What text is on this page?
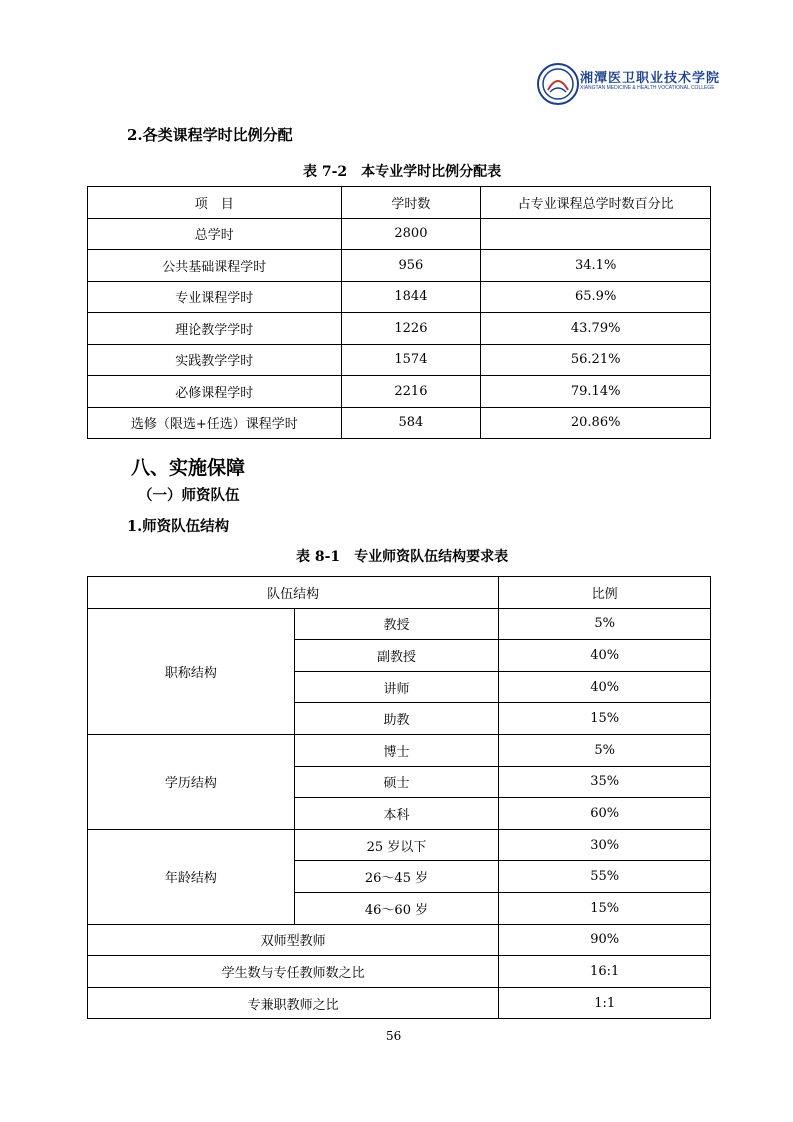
湘潭医卫职业技术学院
XIANGTAN MEDICINE & HEALTH VOCATIONAL COLLEGE
2.各类课程学时比例分配
表 7-2　本专业学时比例分配表
项　目	学时数	占专业课程总学时数百分比
总学时	2800	
公共基础课程学时	956	34.1%
专业课程学时	1844	65.9%
理论教学学时	1226	43.79%
实践教学学时	1574	56.21%
必修课程学时	2216	79.14%
选修（限选+任选）课程学时	584	20.86%
八、实施保障
（一）师资队伍
1.师资队伍结构
表 8-1　专业师资队伍结构要求表
队伍结构		比例
职称结构	教授	5%
	副教授	40%
	讲师	40%
	助教	15%
学历结构	博士	5%
	硕士	35%
	本科	60%
年龄结构	25 岁以下	30%
	26～45 岁	55%
	46～60 岁	15%
双师型教师		90%
学生数与专任教师数之比		16:1
专兼职教师之比		1:1
56
